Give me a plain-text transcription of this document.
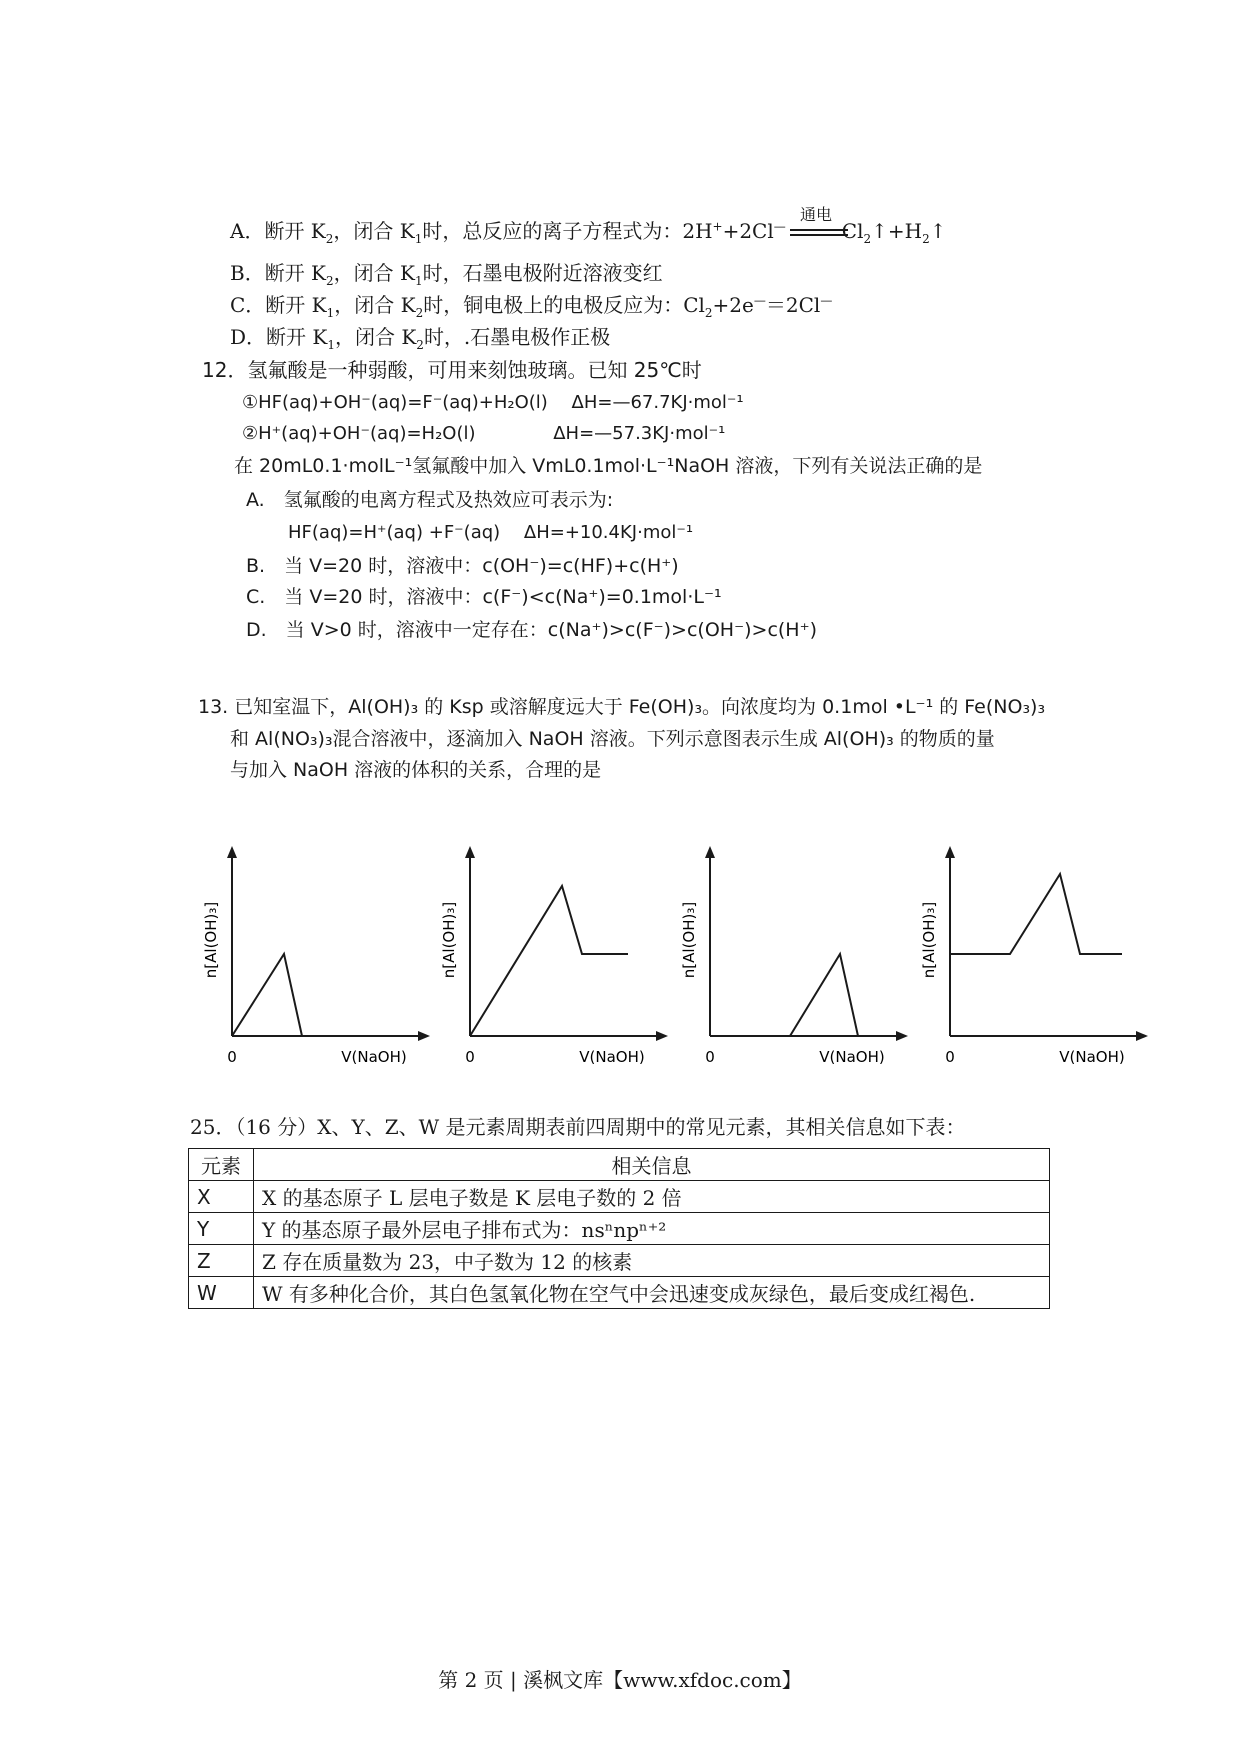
A．断开 $K_2$，闭合 $K_1$时，总反应的离子方程式为：2H++2Cl—	$Cl_2↑+H_2↑$
通电
B．断开 $K_2$，闭合 $K_1$时，石墨电极附近溶液变红
C．断开 $K_1$，闭合 $K_2$时，铜电极上的电极反应为：$Cl_2+2e^—=2Cl^—$
D．断开 $K_1$，闭合 $K_2$时，.石墨电极作正极
12．氢氟酸是一种弱酸，可用来刻蚀玻璃。已知 25℃时
①HF(aq)+OH⁻(aq)=F⁻(aq)+H₂O(l)　 ΔH=—67.7KJ·mol⁻¹
②H⁺(aq)+OH⁻(aq)=H₂O(l)　　　　 ΔH=—57.3KJ·mol⁻¹
在 20mL0.1·molL⁻¹氢氟酸中加入 VmL0.1mol·L⁻¹NaOH 溶液，下列有关说法正确的是
A.　氢氟酸的电离方程式及热效应可表示为:
HF(aq)=H⁺(aq) +F⁻(aq)　 ΔH=+10.4KJ·mol⁻¹
B.　当 V=20 时，溶液中：c(OH⁻)=c(HF)+c(H⁺)
C.　当 V=20 时，溶液中：c(F⁻)<c(Na⁺)=0.1mol·L⁻¹
D.　当 V>0 时，溶液中一定存在：c(Na⁺)>c(F⁻)>c(OH⁻)>c(H⁺)
13. 已知室温下，Al(OH)₃ 的 Ksp 或溶解度远大于 Fe(OH)₃。向浓度均为 0.1mol •L⁻¹ 的 Fe(NO₃)₃
和 Al(NO₃)₃混合溶液中，逐滴加入 NaOH 溶液。下列示意图表示生成 Al(OH)₃ 的物质的量
与加入 NaOH 溶液的体积的关系，合理的是
n[Al(OH)₃]
0	V(NaOH)
n[Al(OH)₃]
0	V(NaOH)
n[Al(OH)₃]
0	V(NaOH)
n[Al(OH)₃]
0	V(NaOH)
25．（16 分）X、Y、Z、W 是元素周期表前四周期中的常见元素，其相关信息如下表：
元素	相关信息
X	X 的基态原子 L 层电子数是 K 层电子数的 2 倍
Y	Y 的基态原子最外层电子排布式为：nsⁿnpⁿ⁺²
Z	Z 存在质量数为 23，中子数为 12 的核素
W	W 有多种化合价，其白色氢氧化物在空气中会迅速变成灰绿色，最后变成红褐色.
第 2 页 | 溪枫文库【www.xfdoc.com】
